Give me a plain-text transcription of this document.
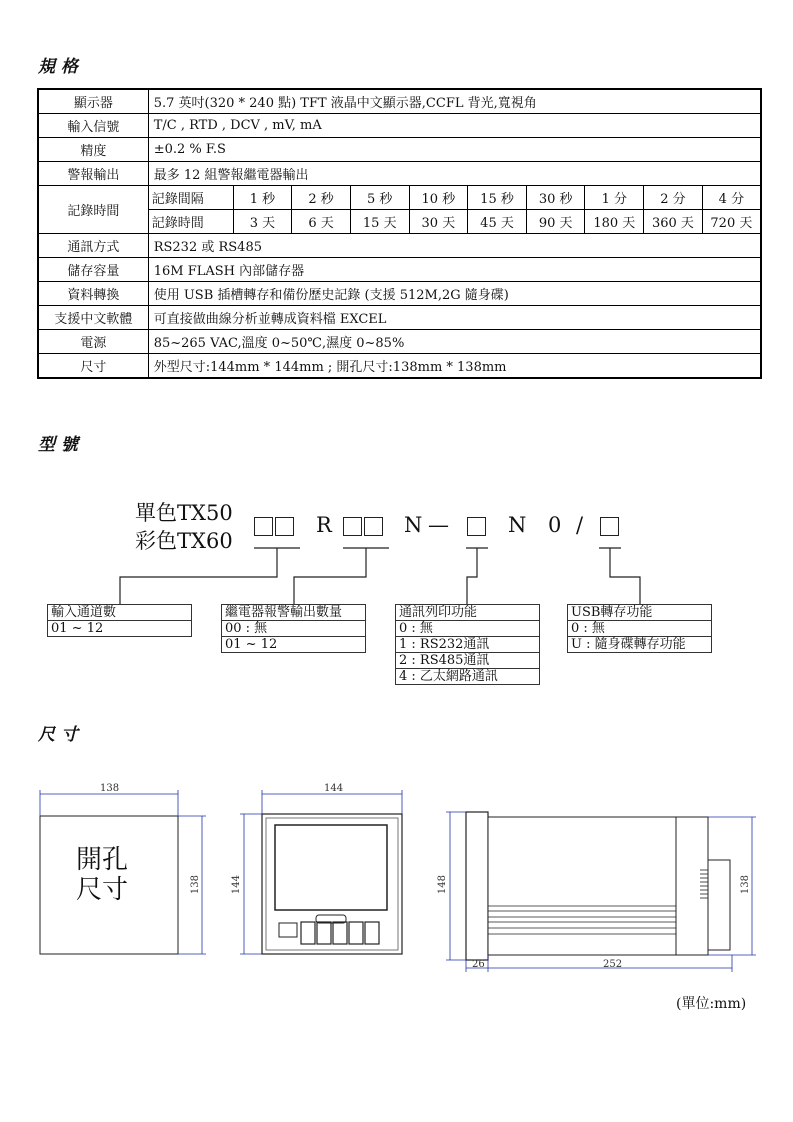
規 格
顯示器	5.7 英吋(320 * 240 點) TFT 液晶中文顯示器,CCFL 背光,寬視角									
輸入信號	T/C , RTD , DCV , mV, mA									
精度	±0.2 % F.S									
警報輸出	最多 12 組警報繼電器輸出									
記錄時間	記錄間隔	1 秒	2 秒	5 秒	10 秒	15 秒	30 秒	1 分	2 分	4 分
	記錄時間	3 天	6 天	15 天	30 天	45 天	90 天	180 天	360 天	720 天
通訊方式	RS232 或 RS485									
儲存容量	16M FLASH 內部儲存器									
資料轉換	使用 USB 插槽轉存和備份歷史記錄 (支援 512M,2G 隨身碟)									
支援中文軟體	可直接做曲線分析並轉成資料檔 EXCEL									
電源	85~265 VAC,溫度 0~50℃,濕度 0~85%									
尺寸	外型尺寸:144mm * 144mm ; 開孔尺寸:138mm * 138mm									
型 號
單色TX50
彩色TX60
R	N —	N 0 /
輸入通道數
01 ~ 12
繼電器報警輸出數量
00 : 無
01 ~ 12
通訊列印功能
0 : 無
1 : RS232通訊
2 : RS485通訊
4 : 乙太網路通訊
USB轉存功能
0 : 無
U : 隨身碟轉存功能
尺 寸
開孔
尺寸
138
138
144
144	148	138
26	252
(單位:mm)
